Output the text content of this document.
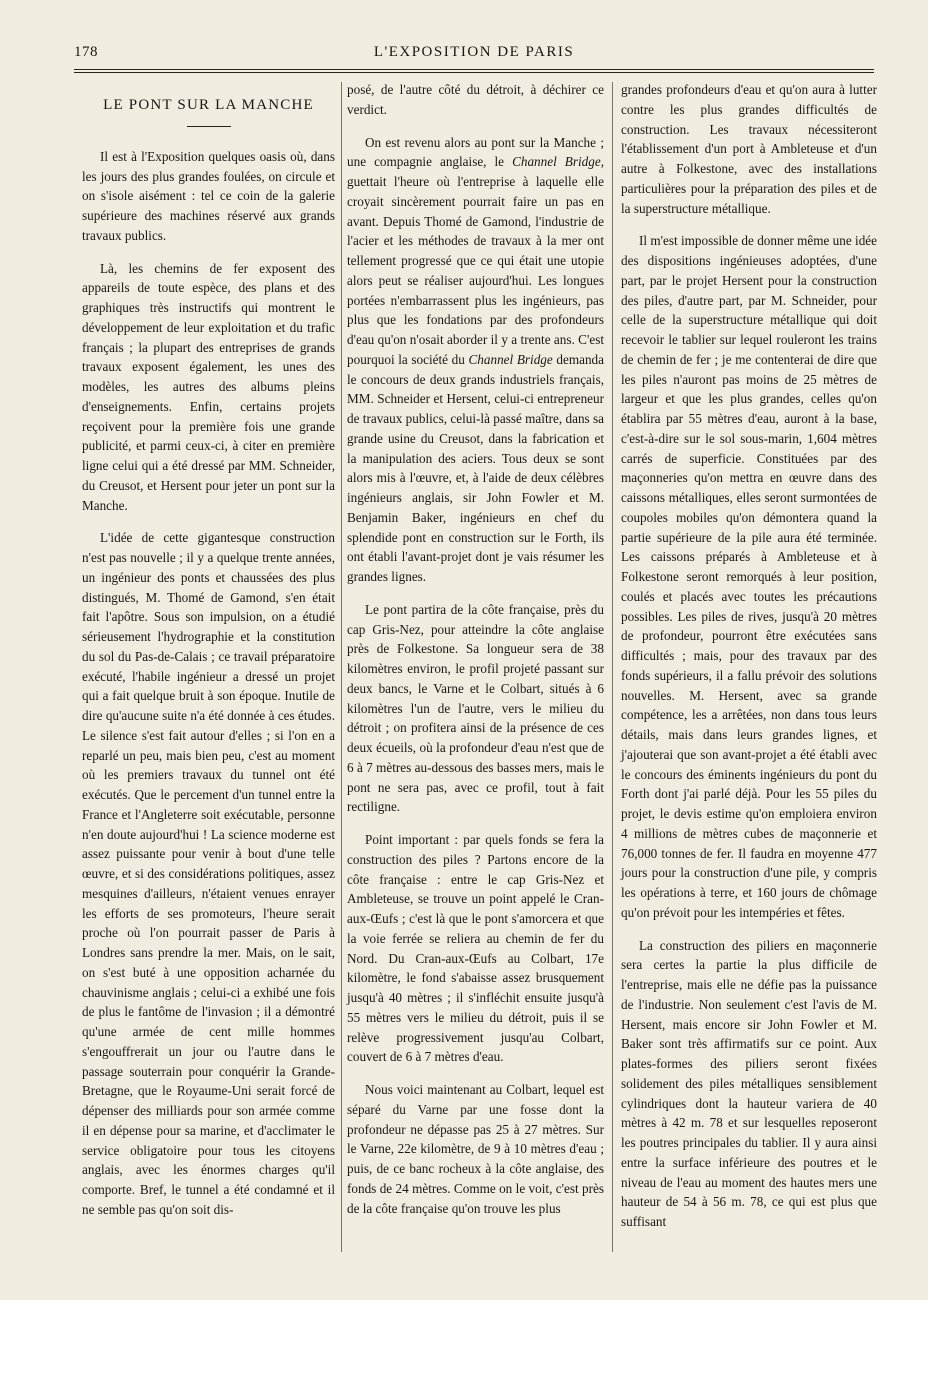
178	L'EXPOSITION DE PARIS
LE PONT SUR LA MANCHE

Il est à l'Exposition quelques oasis où, dans les jours des plus grandes foulées, on circule et on s'isole aisément : tel ce coin de la galerie supérieure des machines réservé aux grands travaux publics.

Là, les chemins de fer exposent des appareils de toute espèce, des plans et des graphiques très instructifs qui montrent le développement de leur exploitation et du trafic français ; la plupart des entreprises de grands travaux exposent également, les unes des modèles, les autres des albums pleins d'enseignements. Enfin, certains projets reçoivent pour la première fois une grande publicité, et parmi ceux-ci, à citer en première ligne celui qui a été dressé par MM. Schneider, du Creusot, et Hersent pour jeter un pont sur la Manche.

L'idée de cette gigantesque construction n'est pas nouvelle ; il y a quelque trente années, un ingénieur des ponts et chaussées des plus distingués, M. Thomé de Gamond, s'en était fait l'apôtre. Sous son impulsion, on a étudié sérieusement l'hydrographie et la constitution du sol du Pas-de-Calais ; ce travail préparatoire exécuté, l'habile ingénieur a dressé un projet qui a fait quelque bruit à son époque. Inutile de dire qu'aucune suite n'a été donnée à ces études. Le silence s'est fait autour d'elles ; si l'on en a reparlé un peu, mais bien peu, c'est au moment où les premiers travaux du tunnel ont été exécutés. Que le percement d'un tunnel entre la France et l'Angleterre soit exécutable, personne n'en doute aujourd'hui ! La science moderne est assez puissante pour venir à bout d'une telle œuvre, et si des considérations politiques, assez mesquines d'ailleurs, n'étaient venues enrayer les efforts de ses promoteurs, l'heure serait proche où l'on pourrait passer de Paris à Londres sans prendre la mer. Mais, on le sait, on s'est buté à une opposition acharnée du chauvinisme anglais ; celui-ci a exhibé une fois de plus le fantôme de l'invasion ; il a démontré qu'une armée de cent mille hommes s'engouffrerait un jour ou l'autre dans le passage souterrain pour conquérir la Grande-Bretagne, que le Royaume-Uni serait forcé de dépenser des milliards pour son armée comme il en dépense pour sa marine, et d'acclimater le service obligatoire pour tous les citoyens anglais, avec les énormes charges qu'il comporte. Bref, le tunnel a été condamné et il ne semble pas qu'on soit dis-

posé, de l'autre côté du détroit, à déchirer ce verdict.

On est revenu alors au pont sur la Manche ; une compagnie anglaise, le Channel Bridge, guettait l'heure où l'entreprise à laquelle elle croyait sincèrement pourrait faire un pas en avant. Depuis Thomé de Gamond, l'industrie de l'acier et les méthodes de travaux à la mer ont tellement progressé que ce qui était une utopie alors peut se réaliser aujourd'hui. Les longues portées n'embarrassent plus les ingénieurs, pas plus que les fondations par des profondeurs d'eau qu'on n'osait aborder il y a trente ans. C'est pourquoi la société du Channel Bridge demanda le concours de deux grands industriels français, MM. Schneider et Hersent, celui-ci entrepreneur de travaux publics, celui-là passé maître, dans sa grande usine du Creusot, dans la fabrication et la manipulation des aciers. Tous deux se sont alors mis à l'œuvre, et, à l'aide de deux célèbres ingénieurs anglais, sir John Fowler et M. Benjamin Baker, ingénieurs en chef du splendide pont en construction sur le Forth, ils ont établi l'avant-projet dont je vais résumer les grandes lignes.

Le pont partira de la côte française, près du cap Gris-Nez, pour atteindre la côte anglaise près de Folkestone. Sa longueur sera de 38 kilomètres environ, le profil projeté passant sur deux bancs, le Varne et le Colbart, situés à 6 kilomètres l'un de l'autre, vers le milieu du détroit ; on profitera ainsi de la présence de ces deux écueils, où la profondeur d'eau n'est que de 6 à 7 mètres au-dessous des basses mers, mais le pont ne sera pas, avec ce profil, tout à fait rectiligne.

Point important : par quels fonds se fera la construction des piles ? Partons encore de la côte française : entre le cap Gris-Nez et Ambleteuse, se trouve un point appelé le Cran-aux-Œufs ; c'est là que le pont s'amorcera et que la voie ferrée se reliera au chemin de fer du Nord. Du Cran-aux-Œufs au Colbart, 17e kilomètre, le fond s'abaisse assez brusquement jusqu'à 40 mètres ; il s'infléchit ensuite jusqu'à 55 mètres vers le milieu du détroit, puis il se relève progressivement jusqu'au Colbart, couvert de 6 à 7 mètres d'eau.

Nous voici maintenant au Colbart, lequel est séparé du Varne par une fosse dont la profondeur ne dépasse pas 25 à 27 mètres. Sur le Varne, 22e kilomètre, de 9 à 10 mètres d'eau ; puis, de ce banc rocheux à la côte anglaise, des fonds de 24 mètres. Comme on le voit, c'est près de la côte française qu'on trouve les plus

grandes profondeurs d'eau et qu'on aura à lutter contre les plus grandes difficultés de construction. Les travaux nécessiteront l'établissement d'un port à Ambleteuse et d'un autre à Folkestone, avec des installations particulières pour la préparation des piles et de la superstructure métallique.

Il m'est impossible de donner même une idée des dispositions ingénieuses adoptées, d'une part, par le projet Hersent pour la construction des piles, d'autre part, par M. Schneider, pour celle de la superstructure métallique qui doit recevoir le tablier sur lequel rouleront les trains de chemin de fer ; je me contenterai de dire que les piles n'auront pas moins de 25 mètres de largeur et que les plus grandes, celles qu'on établira par 55 mètres d'eau, auront à la base, c'est-à-dire sur le sol sous-marin, 1,604 mètres carrés de superficie. Constituées par des maçonneries qu'on mettra en œuvre dans des caissons métalliques, elles seront surmontées de coupoles mobiles qu'on démontera quand la partie supérieure de la pile aura été terminée. Les caissons préparés à Ambleteuse et à Folkestone seront remorqués à leur position, coulés et placés avec toutes les précautions possibles. Les piles de rives, jusqu'à 20 mètres de profondeur, pourront être exécutées sans difficultés ; mais, pour des travaux par des fonds supérieurs, il a fallu prévoir des solutions nouvelles. M. Hersent, avec sa grande compétence, les a arrêtées, non dans tous leurs détails, mais dans leurs grandes lignes, et j'ajouterai que son avant-projet a été établi avec le concours des éminents ingénieurs du pont du Forth dont j'ai parlé déjà. Pour les 55 piles du projet, le devis estime qu'on emploiera environ 4 millions de mètres cubes de maçonnerie et 76,000 tonnes de fer. Il faudra en moyenne 477 jours pour la construction d'une pile, y compris les opérations à terre, et 160 jours de chômage qu'on prévoit pour les intempéries et fêtes.

La construction des piliers en maçonnerie sera certes la partie la plus difficile de l'entreprise, mais elle ne défie pas la puissance de l'industrie. Non seulement c'est l'avis de M. Hersent, mais encore sir John Fowler et M. Baker sont très affirmatifs sur ce point. Aux plates-formes des piliers seront fixées solidement des piles métalliques sensiblement cylindriques dont la hauteur variera de 40 mètres à 42 m. 78 et sur lesquelles reposeront les poutres principales du tablier. Il y aura ainsi entre la surface inférieure des poutres et le niveau de l'eau au moment des hautes mers une hauteur de 54 à 56 m. 78, ce qui est plus que suffisant
